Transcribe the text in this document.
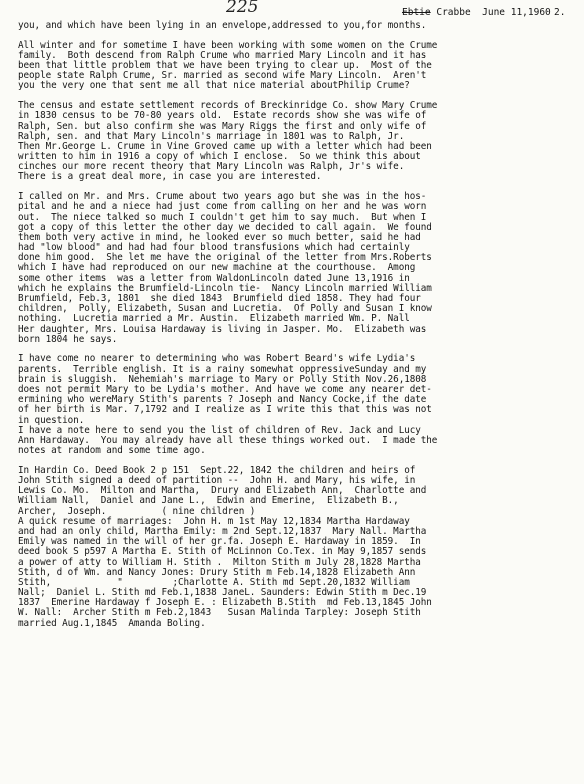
225	Ebtie Crabbe June 11,1960 2.
you, and which have been lying in an envelope,addressed to you,for months.
All winter and for sometime I have been working with some women on the Crume
family.  Both descend from Ralph Crume who married Mary Lincoln and it has
been that little problem that we have been trying to clear up.  Most of the
people state Ralph Crume, Sr. married as second wife Mary Lincoln.  Aren't
you the very one that sent me all that nice material aboutPhilip Crume?
The census and estate settlement records of Breckinridge Co. show Mary Crume
in 1830 census to be 70-80 years old.  Estate records show she was wife of
Ralph, Sen. but also confirm she was Mary Riggs the first and only wife of
Ralph, sen. and that Mary Lincoln's marriage in 1801 was to Ralph, Jr.
Then Mr.George L. Crume in Vine Groved came up with a letter which had been
written to him in 1916 a copy of which I enclose.  So we think this about
cinches our more recent theory that Mary Lincoln was Ralph, Jr's wife.
There is a great deal more, in case you are interested.
I called on Mr. and Mrs. Crume about two years ago but she was in the hos-
pital and he and a niece had just come from calling on her and he was worn
out.  The niece talked so much I couldn't get him to say much.  But when I
got a copy of this letter the other day we decided to call again.  We found
them both very active in mind, he looked ever so much better, said he had
had "low blood" and had had four blood transfusions which had certainly
done him good.  She let me have the original of the letter from Mrs.Roberts
which I have had reproduced on our new machine at the courthouse.  Among
some other items  was a letter from WaldonLincoln dated June 13,1916 in
which he explains the Brumfield-Lincoln tie-  Nancy Lincoln married William
Brumfield, Feb.3, 1801  she died 1843  Brumfield died 1858. They had four
children,  Polly, Elizabeth, Susan and Lucretia.  Of Polly and Susan I know
nothing.  Lucretia married a Mr. Austin.  Elizabeth married Wm. P. Nall
Her daughter, Mrs. Louisa Hardaway is living in Jasper. Mo.  Elizabeth was
born 1804 he says.
I have come no nearer to determining who was Robert Beard's wife Lydia's
parents.  Terrible english. It is a rainy somewhat oppressiveSunday and my
brain is sluggish.  Nehemiah's marriage to Mary or Polly Stith Nov.26,1808
does not permit Mary to be Lydia's mother. And have we come any nearer det-
ermining who wereMary Stith's parents ? Joseph and Nancy Cocke,if the date
of her birth is Mar. 7,1792 and I realize as I write this that this was not
in question.
I have a note here to send you the list of children of Rev. Jack and Lucy
Ann Hardaway.  You may already have all these things worked out.  I made the
notes at random and some time ago.
In Hardin Co. Deed Book 2 p 151  Sept.22, 1842 the children and heirs of
John Stith signed a deed of partition --  John H. and Mary, his wife, in
Lewis Co. Mo.  Milton and Martha,  Drury and Elizabeth Ann,  Charlotte and
William Nall,  Daniel and Jane L.,  Edwin and Emerine,  Elizabeth B.,
Archer,  Joseph.          ( nine children )
A quick resume of marriages:  John H. m 1st May 12,1834 Martha Hardaway
and had an only child, Martha Emily: m 2nd Sept.12,1837  Mary Nall. Martha
Emily was named in the will of her gr.fa. Joseph E. Hardaway in 1859.  In
deed book S p597 A Martha E. Stith of McLinnon Co.Tex. in May 9,1857 sends
a power of atty to William H. Stith .  Milton Stith m July 28,1828 Martha
Stith, d of Wm. and Nancy Jones: Drury Stith m Feb.14,1828 Elizabeth Ann
Stith,            "         ;Charlotte A. Stith md Sept.20,1832 William
Nall;  Daniel L. Stith md Feb.1,1838 JaneL. Saunders: Edwin Stith m Dec.19
1837  Emerine Hardaway f Joseph E. : Elizabeth B.Stith  md Feb.13,1845 John
W. Nall:  Archer Stith m Feb.2,1843   Susan Malinda Tarpley: Joseph Stith
married Aug.1,1845  Amanda Boling.
